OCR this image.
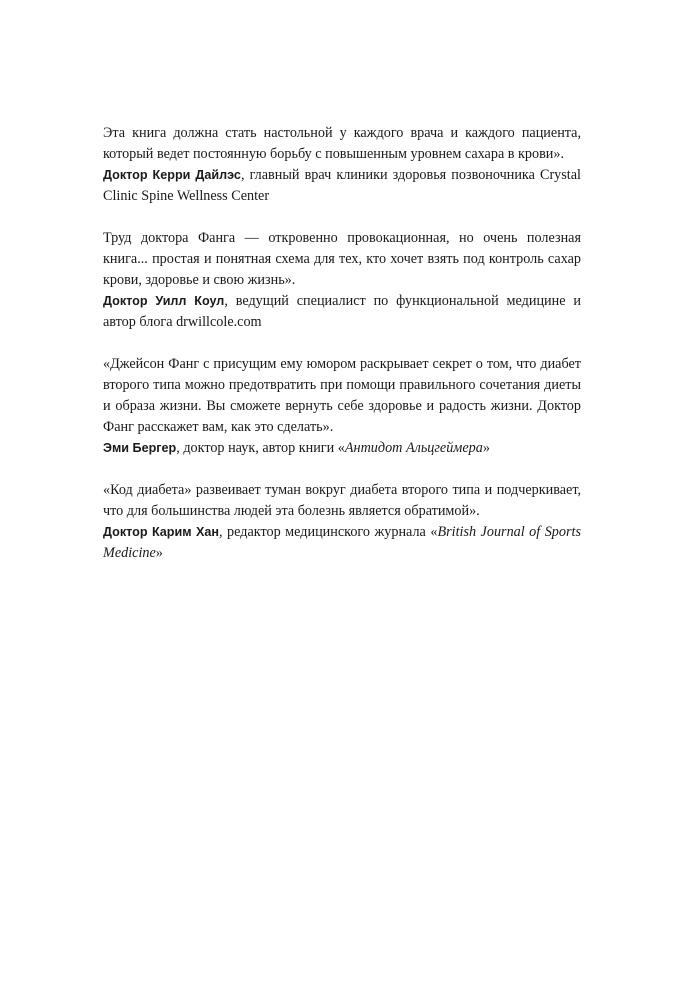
Эта книга должна стать настольной у каждого врача и каждого пациента, который ведет постоянную борьбу с повышенным уровнем сахара в крови».

Доктор Керри Дайлэс, главный врач клиники здоровья позвоночника Crystal Clinic Spine Wellness Center

Труд доктора Фанга — откровенно провокационная, но очень полезная книга... простая и понятная схема для тех, кто хочет взять под контроль сахар крови, здоровье и свою жизнь».

Доктор Уилл Коул, ведущий специалист по функциональной медицине и автор блога drwillcole.com

«Джейсон Фанг с присущим ему юмором раскрывает секрет о том, что диабет второго типа можно предотвратить при помощи правильного сочетания диеты и образа жизни. Вы сможете вернуть себе здоровье и радость жизни. Доктор Фанг расскажет вам, как это сделать».

Эми Бергер, доктор наук, автор книги «Антидот Альцгеймера»

«Код диабета» развеивает туман вокруг диабета второго типа и подчеркивает, что для большинства людей эта болезнь является обратимой».

Доктор Карим Хан, редактор медицинского журнала «British Journal of Sports Medicine»
